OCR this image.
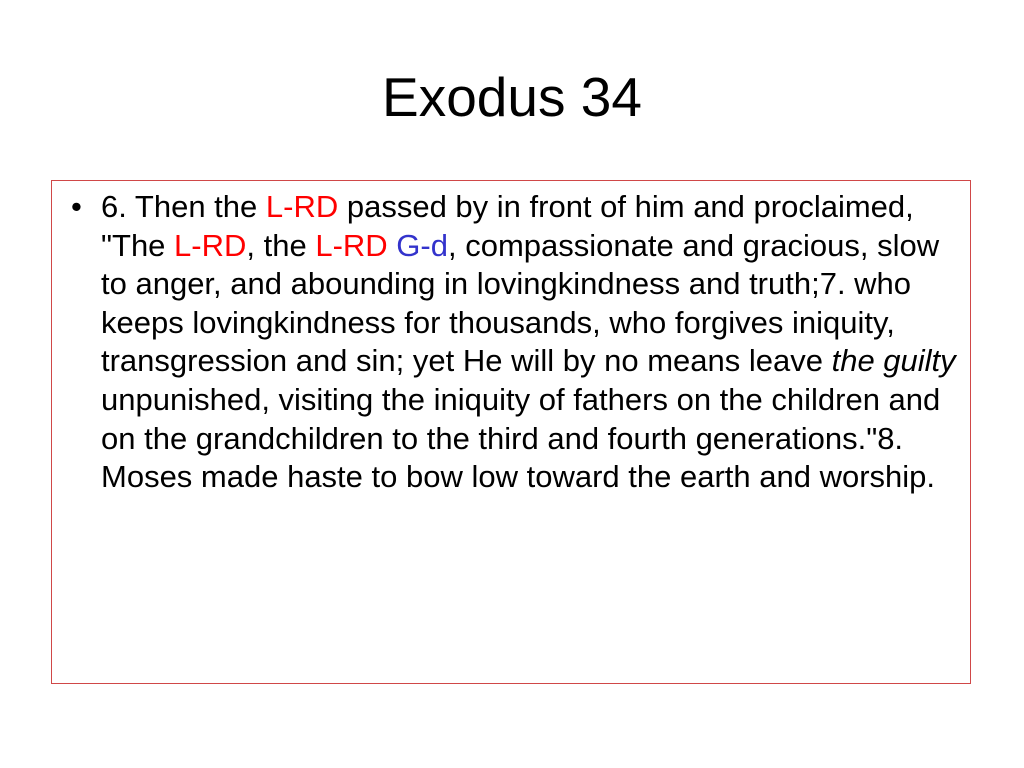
Exodus 34
• 6. Then the L-RD passed by in front of him and proclaimed, "The L-RD, the L-RD G-d, compassionate and gracious, slow to anger, and abounding in lovingkindness and truth;7. who keeps lovingkindness for thousands, who forgives iniquity, transgression and sin; yet He will by no means leave the guilty unpunished, visiting the iniquity of fathers on the children and on the grandchildren to the third and fourth generations."8. Moses made haste to bow low toward the earth and worship.
